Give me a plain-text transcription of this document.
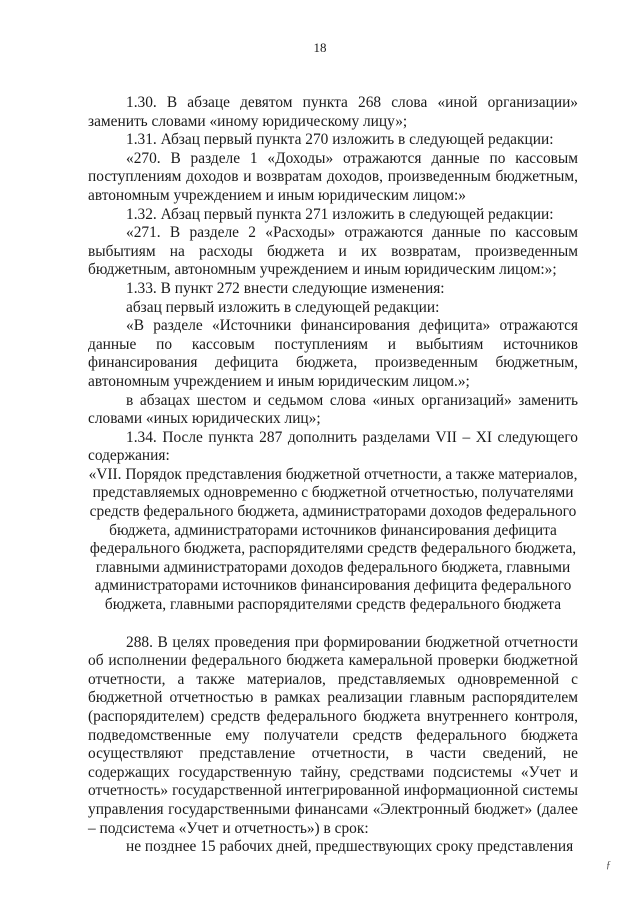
18

1.30. В абзаце девятом пункта 268 слова «иной организации» заменить словами «иному юридическому лицу»;

1.31. Абзац первый пункта 270 изложить в следующей редакции:

«270. В разделе 1 «Доходы» отражаются данные по кассовым поступлениям доходов и возвратам доходов, произведенным бюджетным, автономным учреждением и иным юридическим лицом:»

1.32. Абзац первый пункта 271 изложить в следующей редакции:

«271. В разделе 2 «Расходы» отражаются данные по кассовым выбытиям на расходы бюджета и их возвратам, произведенным бюджетным, автономным учреждением и иным юридическим лицом:»;

1.33. В пункт 272 внести следующие изменения:

абзац первый изложить в следующей редакции:

«В разделе «Источники финансирования дефицита» отражаются данные по кассовым поступлениям и выбытиям источников финансирования дефицита бюджета, произведенным бюджетным, автономным учреждением и иным юридическим лицом.»;

в абзацах шестом и седьмом слова «иных организаций» заменить словами «иных юридических лиц»;

1.34. После пункта 287 дополнить разделами VII – XI следующего содержания:

«VII. Порядок представления бюджетной отчетности, а также материалов, представляемых одновременно с бюджетной отчетностью, получателями средств федерального бюджета, администраторами доходов федерального бюджета, администраторами источников финансирования дефицита федерального бюджета, распорядителями средств федерального бюджета, главными администраторами доходов федерального бюджета, главными администраторами источников финансирования дефицита федерального бюджета, главными распорядителями средств федерального бюджета

288. В целях проведения при формировании бюджетной отчетности об исполнении федерального бюджета камеральной проверки бюджетной отчетности, а также материалов, представляемых одновременной с бюджетной отчетностью в рамках реализации главным распорядителем (распорядителем) средств федерального бюджета внутреннего контроля, подведомственные ему получатели средств федерального бюджета осуществляют представление отчетности, в части сведений, не содержащих государственную тайну, средствами подсистемы «Учет и отчетность» государственной интегрированной информационной системы управления государственными финансами «Электронный бюджет» (далее – подсистема «Учет и отчетность») в срок:

не позднее 15 рабочих дней, предшествующих сроку представления

ƒ
